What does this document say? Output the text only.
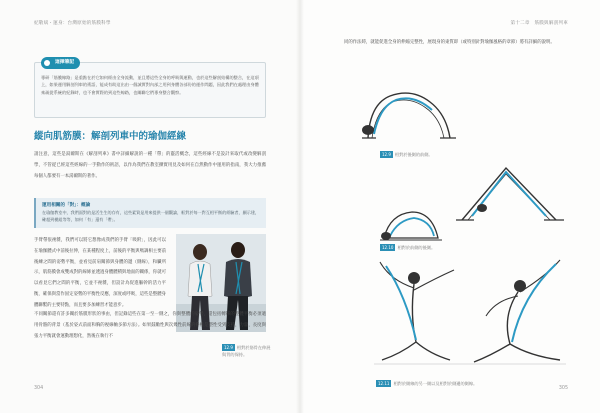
紀敬斌・運身：台灣原始的筋膜科學	第十二章　筋膜與解剖列車
這揮筆記
專研「筋膜線路」是重點在於它如何經由全身流動，並且將這些全身的呼吸與運動，也於這些解剖結構的整合，在這項上，如果運用解剖列車的術語，能成有助這出由一個誠實對內部之用到身體各部份的運作問題，因此我們在處理由身體來疏從系統的紀錄時，也不會實際的到這些線路，也關聯它們專身整合觀察。
縱向肌筋膜：解剖列車中的瑜伽經線
請注意，這些是湯爾斯在《解剖列車》書中詳細解說的一種「帶」的靈活概念，這些經線不是設計來取代或改變解剖學，不管從已經這些經線的一手動作的術語，以作為我們在教室擴實用見及如何在自然動作中運用的指南，我大力推薦每個人都要有一本湯爾斯的著作。
運用相關的「對」：概論
在瑜伽教室中，我們面對的是活生生的存有，這些素質是用來提供一個觀論，框對於每一對互相平衡的經驗者，顯示建，確超到模組等等，如何「有」還有「帶」。
手臂帶很複雜，我們可以將它想像成我們的手臂「吸附」，因此可以在瑜伽體式中前後拉伸，在某種程度上，前後的平衡與嗎調相主要前後練之間的姿勢平衡，並看見前肩關節與身體的邊（側線），和臟所示，肌筋膜會成雙成對的線條並透過身體體積與地面的關係，你就可以看見它們之間的平衡，它並不複雜，但設計為促進軀幹的活力平衡，確保與當作固定姿勢的平衡性反應，深度或呼吸，這些是整體身體聯繫的主要特點，而且要多加練習才能意步。
12.9 相對於筋骨在伸展與背的保持。
不同關節還有許多關於筋膜形狀的事由，但記錄這些在第一至一側之，你與整體的姿勢，還包括轉移的整體平衡必須適用骨骼的背景（基於姿式前面和胸的視線軸多節方法）。如果鼓勵性與次幾性前線的脊椎是整性受到支持，力量，長度與張力平衡就會運動理想化，然後在執行不
304
同的作法時，就能促進全身的伸縮完整性，展現身的東質即（或特別針對瑜伽風格的章節）將有詳細的說明。
12.9 相對於後側的前側。
12.10 相對於前側的後側。
12.11 相對於側線的另一側以及相對於側邊的側線。
305
